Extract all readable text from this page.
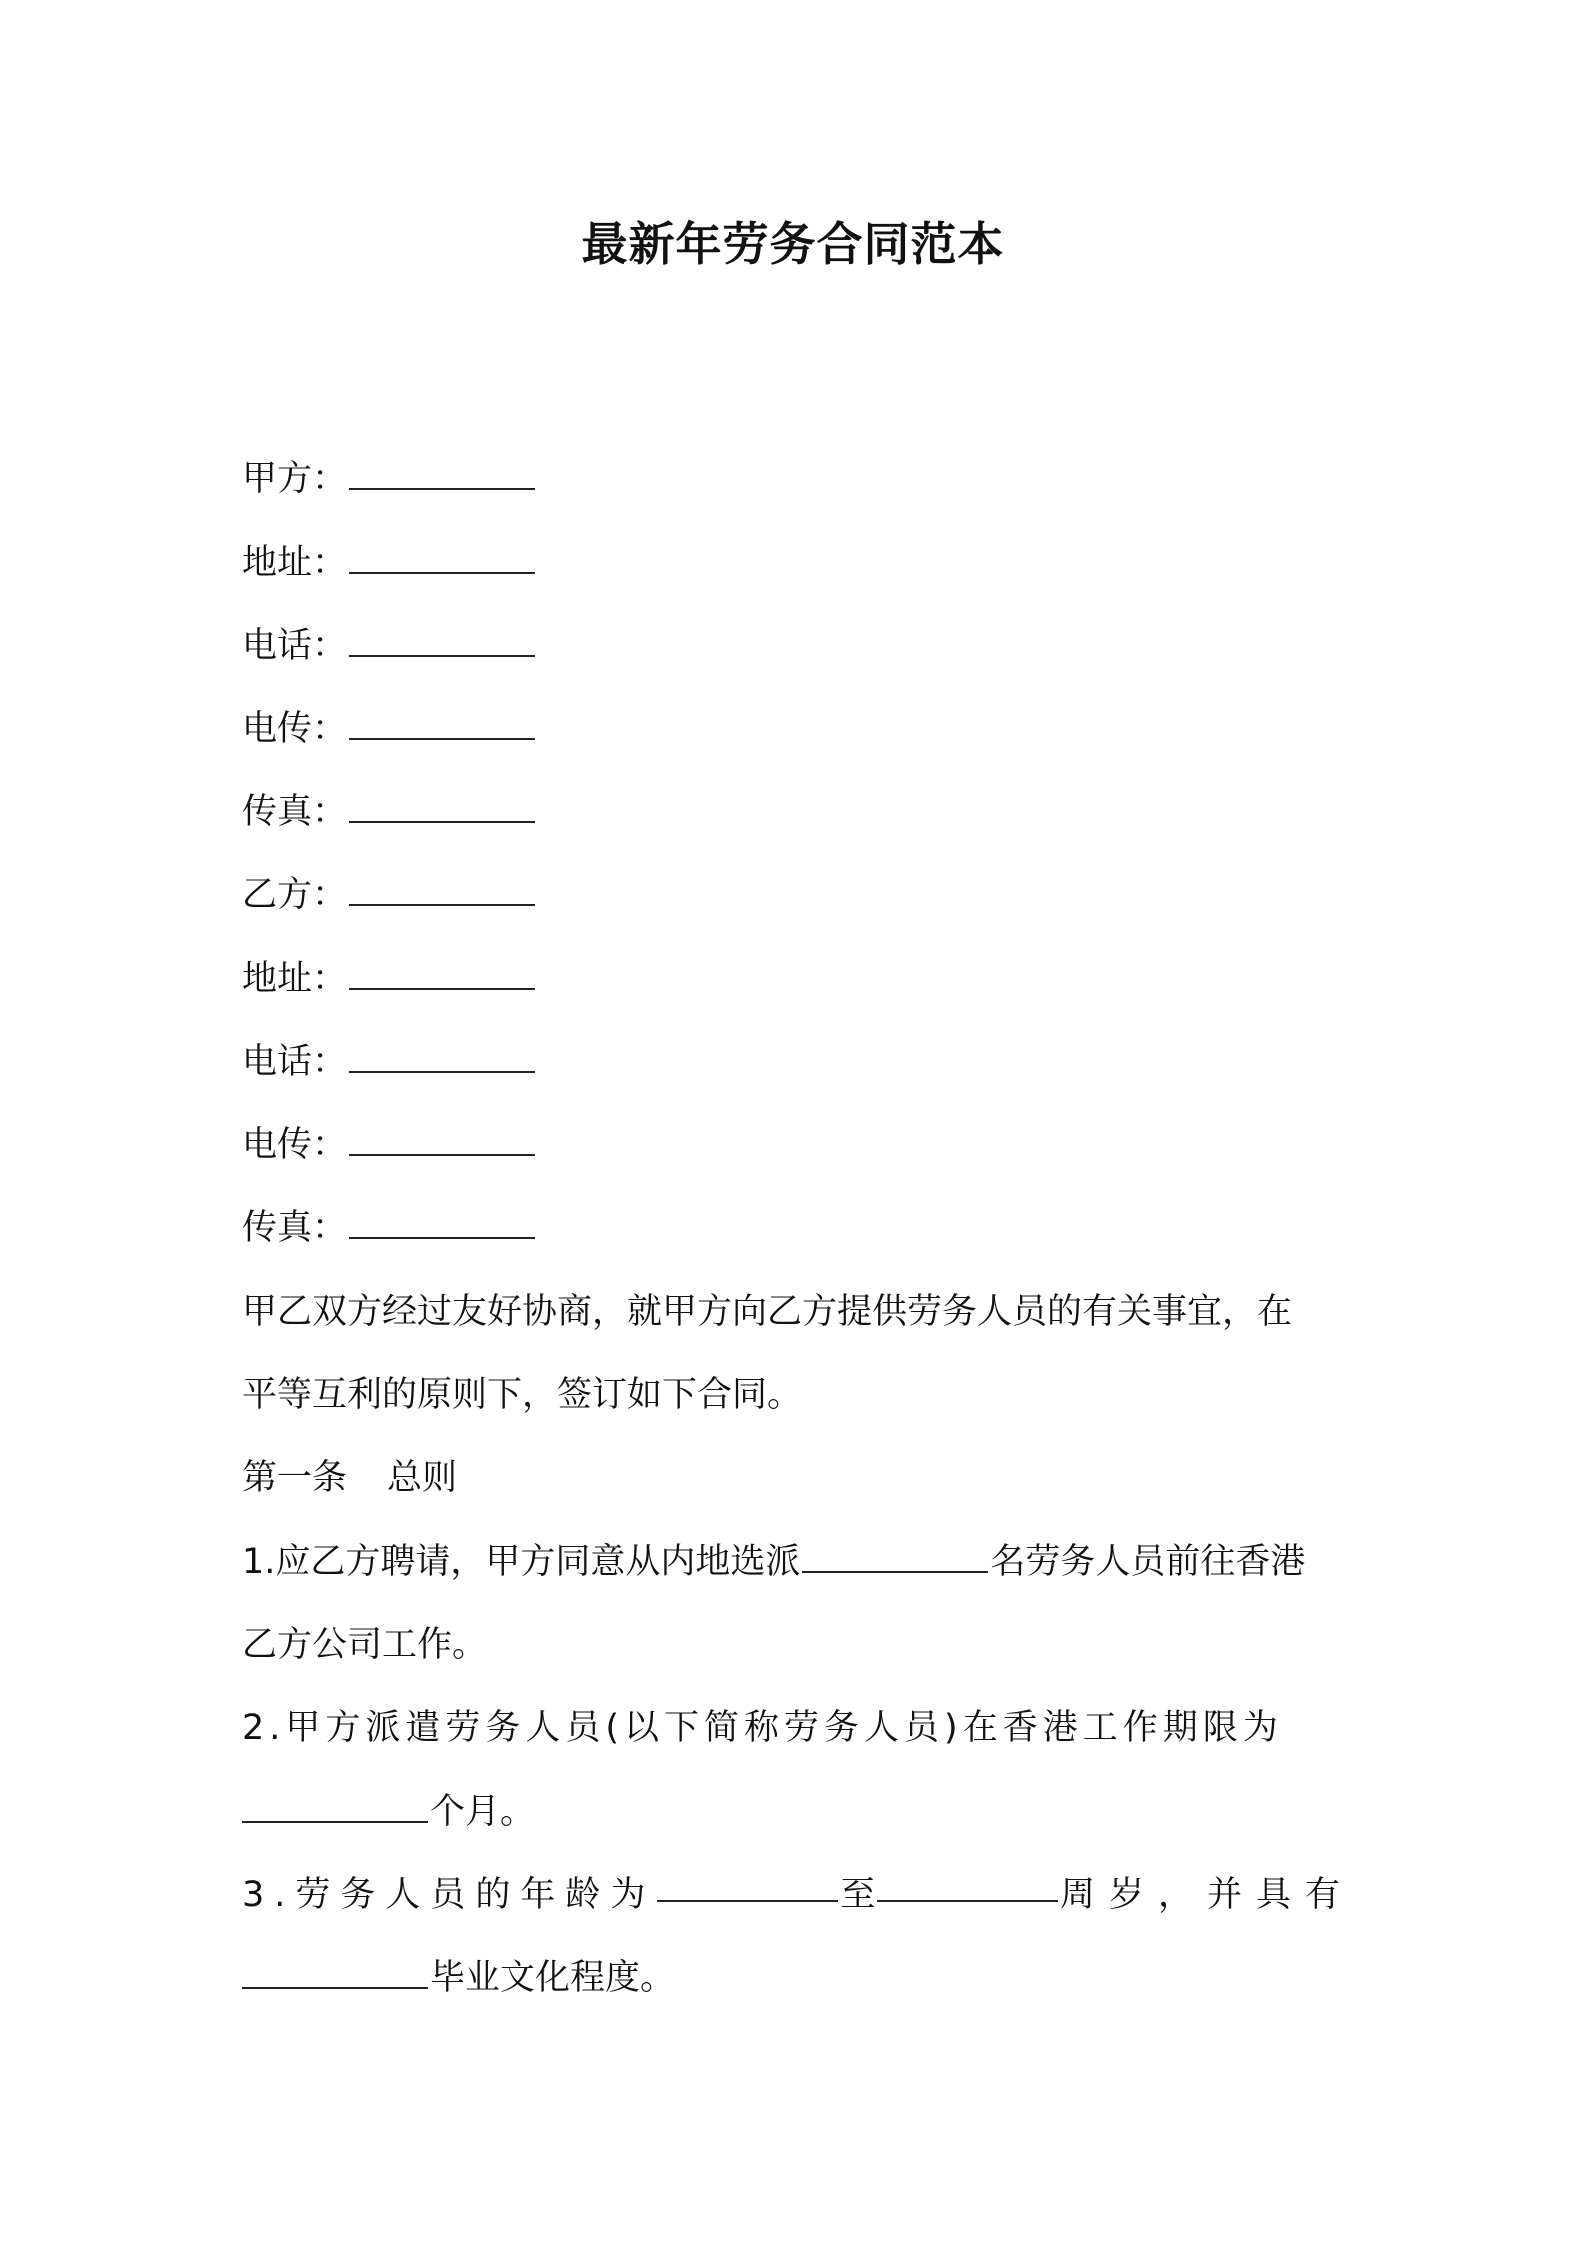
最新年劳务合同范本
甲方：
地址：
电话：
电传：
传真：
乙方：
地址：
电话：
电传：
传真：
甲乙双方经过友好协商，就甲方向乙方提供劳务人员的有关事宜，在
平等互利的原则下，签订如下合同。
第一条 总则
1.应乙方聘请，甲方同意从内地选派	名劳务人员前往香港
乙方公司工作。
2.甲方派遣劳务人员(以下简称劳务人员)在香港工作期限为
个月。
3.劳务人员的年龄为	至	周岁，并具有
毕业文化程度。
